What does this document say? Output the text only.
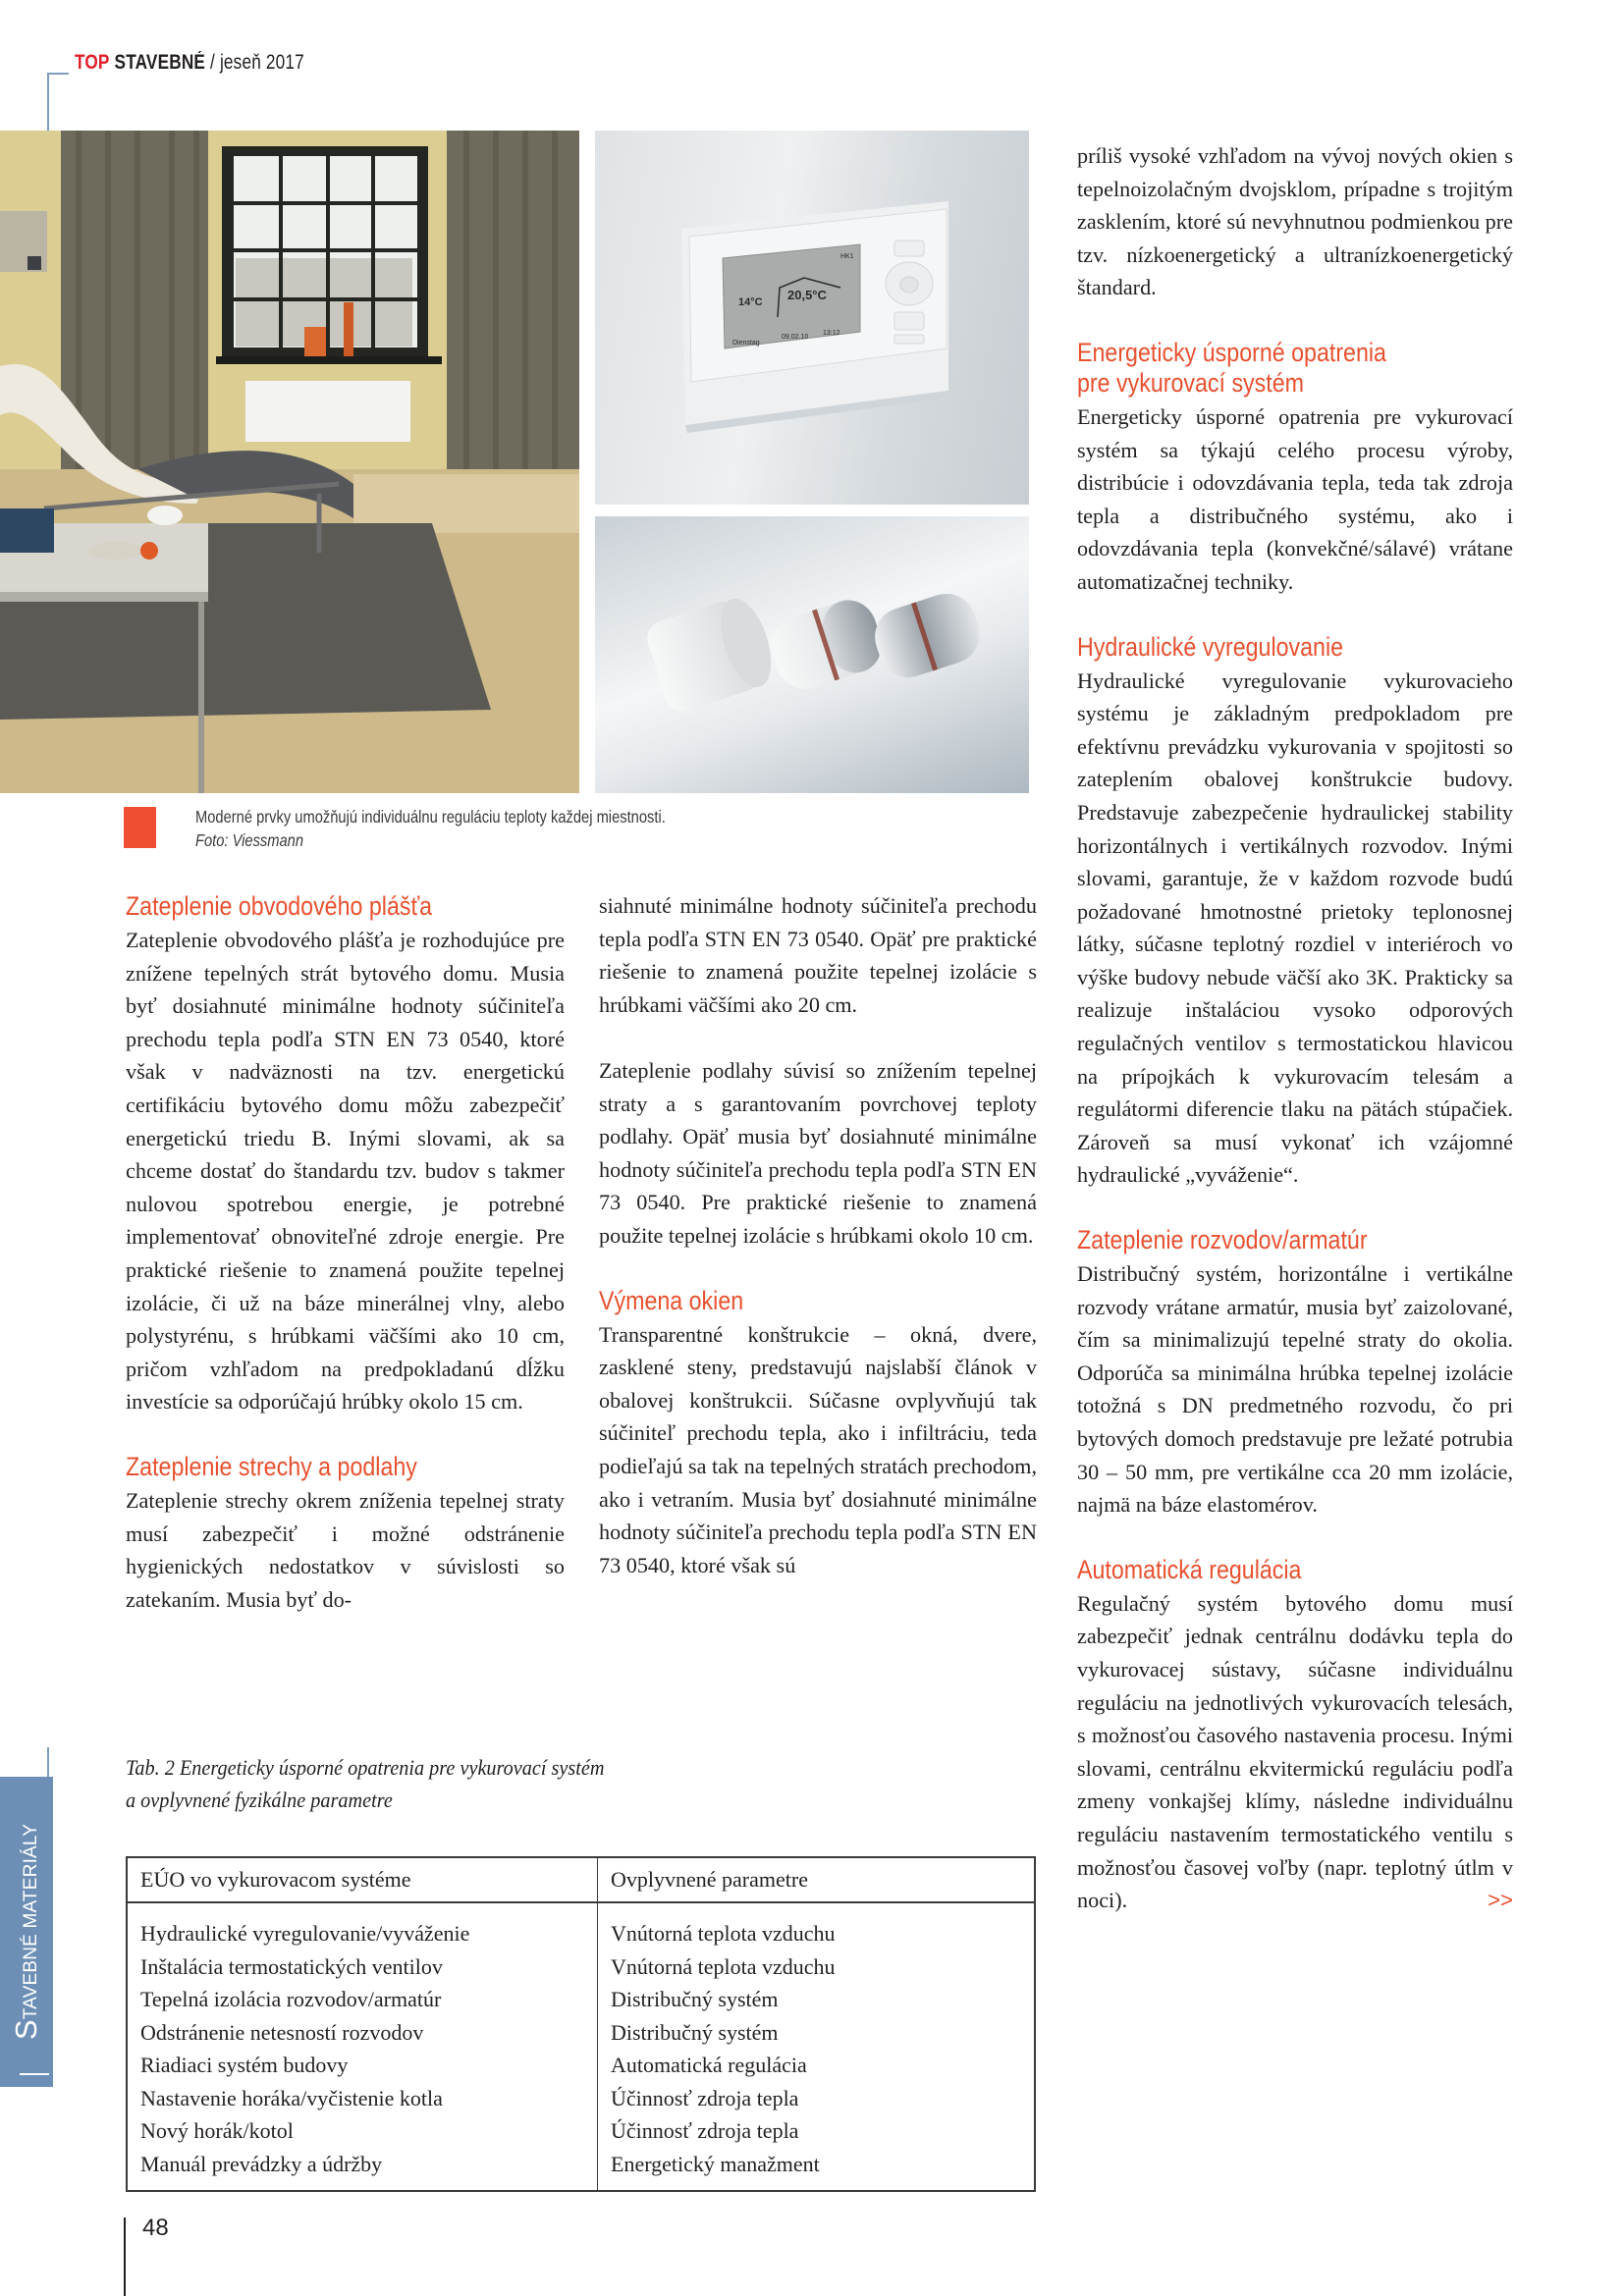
TOP STAVEBNÉ / jeseň 2017
14°C 20,5°C
HK1
Dienstag
09.02.10
13:12
Moderné prvky umožňujú individuálnu reguláciu teploty každej miestnosti.
Foto: Viessmann
Zateplenie obvodového plášťa

Zateplenie obvodového plášťa je rozhodujúce pre znížene tepelných strát bytového domu. Musia byť dosiahnuté minimálne hodnoty súčiniteľa prechodu tepla podľa STN EN 73 0540, ktoré však v nadväznosti na tzv. energetickú certifikáciu bytového domu môžu zabezpečiť energetickú triedu B. Inými slovami, ak sa chceme dostať do štandardu tzv. budov s takmer nulovou spotrebou energie, je potrebné implementovať obnoviteľné zdroje energie. Pre praktické riešenie to znamená použite tepelnej izolácie, či už na báze minerálnej vlny, alebo polystyrénu, s hrúbkami väčšími ako 10 cm, pričom vzhľadom na predpokladanú dĺžku investície sa odporúčajú hrúbky okolo 15 cm.

Zateplenie strechy a podlahy

Zateplenie strechy okrem zníženia tepelnej straty musí zabezpečiť i možné odstránenie hygienických nedostatkov v súvislosti so zatekaním. Musia byť do-

siahnuté minimálne hodnoty súčiniteľa prechodu tepla podľa STN EN 73 0540. Opäť pre praktické riešenie to znamená použite tepelnej izolácie s hrúbkami väčšími ako 20 cm.

Zateplenie podlahy súvisí so znížením tepelnej straty a s garantovaním povrchovej teploty podlahy. Opäť musia byť dosiahnuté minimálne hodnoty súčiniteľa prechodu tepla podľa STN EN 73 0540. Pre praktické riešenie to znamená použite tepelnej izolácie s hrúbkami okolo 10 cm.

Výmena okien

Transparentné konštrukcie – okná, dvere, zasklené steny, predstavujú najslabší článok v obalovej konštrukcii. Súčasne ovplyvňujú tak súčiniteľ prechodu tepla, ako i infiltráciu, teda podieľajú sa tak na tepelných stratách prechodom, ako i vetraním. Musia byť dosiahnuté minimálne hodnoty súčiniteľa prechodu tepla podľa STN EN 73 0540, ktoré však sú

príliš vysoké vzhľadom na vývoj nových okien s tepelnoizolačným dvojsklom, prípadne s trojitým zasklením, ktoré sú nevyhnutnou podmienkou pre tzv. nízkoenergetický a ultranízkoenergetický štandard.

Energeticky úsporné opatrenia
pre vykurovací systém

Energeticky úsporné opatrenia pre vykurovací systém sa týkajú celého procesu výroby, distribúcie i odovzdávania tepla, teda tak zdroja tepla a distribučného systému, ako i odovzdávania tepla (konvekčné/sálavé) vrátane automatizačnej techniky.

Hydraulické vyregulovanie

Hydraulické vyregulovanie vykurovacieho systému je základným predpokladom pre efektívnu prevádzku vykurovania v spojitosti so zateplením obalovej konštrukcie budovy. Predstavuje zabezpečenie hydraulickej stability horizontálnych i vertikálnych rozvodov. Inými slovami, garantuje, že v každom rozvode budú požadované hmotnostné prietoky teplonosnej látky, súčasne teplotný rozdiel v interiéroch vo výške budovy nebude väčší ako 3K. Prakticky sa realizuje inštaláciou vysoko odporových regulačných ventilov s termostatickou hlavicou na prípojkách k vykurovacím telesám a regulátormi diferencie tlaku na pätách stúpačiek. Zároveň sa musí vykonať ich vzájomné hydraulické „vyváženie“.

Zateplenie rozvodov/armatúr

Distribučný systém, horizontálne i vertikálne rozvody vrátane armatúr, musia byť zaizolované, čím sa minimalizujú tepelné straty do okolia. Odporúča sa minimálna hrúbka tepelnej izolácie totožná s DN predmetného rozvodu, čo pri bytových domoch predstavuje pre ležaté potrubia 30 – 50 mm, pre vertikálne cca 20 mm izolácie, najmä na báze elastomérov.

Automatická regulácia

Regulačný systém bytového domu musí zabezpečiť jednak centrálnu dodávku tepla do vykurovacej sústavy, súčasne individuálnu reguláciu na jednotlivých vykurovacích telesách, s možnosťou časového nastavenia procesu. Inými slovami, centrálnu ekvitermickú reguláciu podľa zmeny vonkajšej klímy, následne individuálnu reguláciu nastavením termostatického ventilu s možnosťou časovej voľby (napr. teplotný útlm v noci).	>>

Tab. 2 Energeticky úsporné opatrenia pre vykurovací systém
a ovplyvnené fyzikálne parametre
EÚO vo vykurovacom systéme	Ovplyvnené parametre
Hydraulické vyregulovanie/vyváženie	Vnútorná teplota vzduchu
Inštalácia termostatických ventilov	Vnútorná teplota vzduchu
Tepelná izolácia rozvodov/armatúr	Distribučný systém
Odstránenie netesností rozvodov	Distribučný systém
Riadiaci systém budovy	Automatická regulácia
Nastavenie horáka/vyčistenie kotla	Účinnosť zdroja tepla
Nový horák/kotol	Účinnosť zdroja tepla
Manuál prevádzky a údržby	Energetický manažment
STAVEBNÉ MATERIÁLY
48
